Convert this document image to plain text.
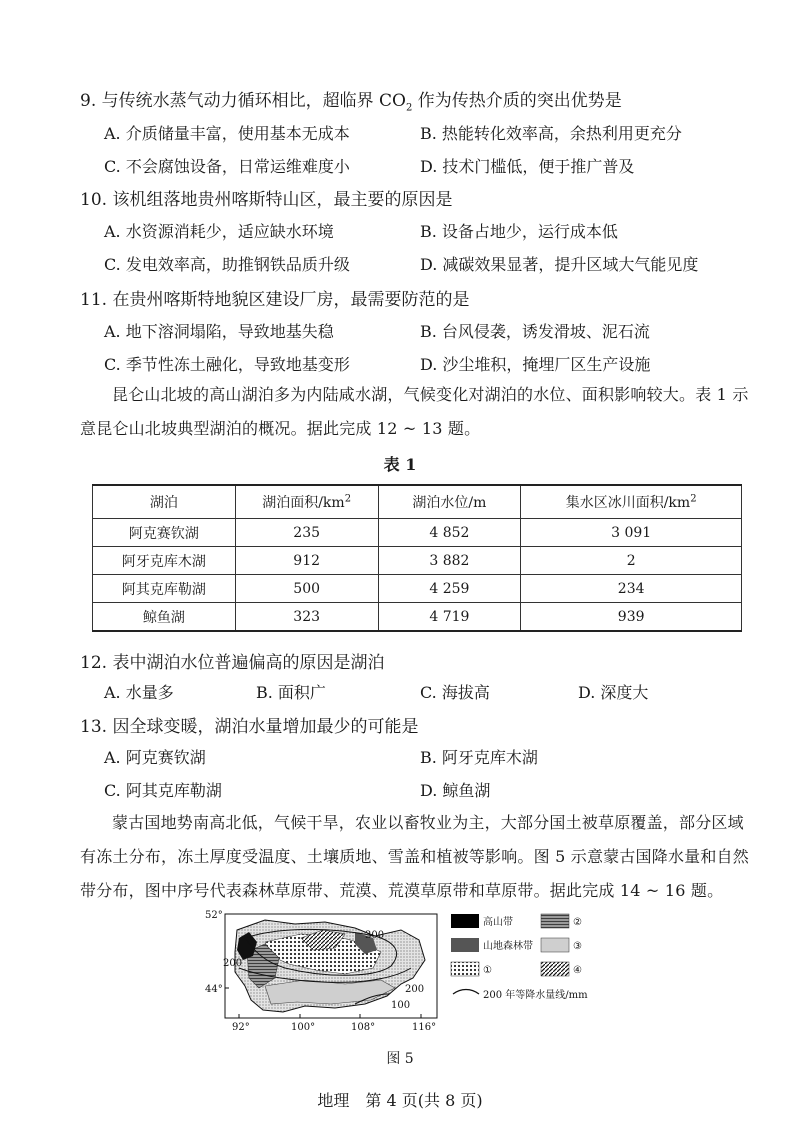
9. 与传统水蒸气动力循环相比，超临界 $CO_2$ 作为传热介质的突出优势是
A. 介质储量丰富，使用基本无成本	B. 热能转化效率高，余热利用更充分
C. 不会腐蚀设备，日常运维难度小	D. 技术门槛低，便于推广普及
10. 该机组落地贵州喀斯特山区，最主要的原因是
A. 水资源消耗少，适应缺水环境	B. 设备占地少，运行成本低
C. 发电效率高，助推钢铁品质升级	D. 减碳效果显著，提升区域大气能见度
11. 在贵州喀斯特地貌区建设厂房，最需要防范的是
A. 地下溶洞塌陷，导致地基失稳	B. 台风侵袭，诱发滑坡、泥石流
C. 季节性冻土融化，导致地基变形	D. 沙尘堆积，掩埋厂区生产设施
昆仑山北坡的高山湖泊多为内陆咸水湖，气候变化对湖泊的水位、面积影响较大。表 1 示意昆仑山北坡典型湖泊的概况。据此完成 12 ~ 13 题。
表 1
湖泊	湖泊面积$/km^2$	湖泊水位/m	集水区冰川面积$/km^2$
阿克赛钦湖	235	4 852	3 091
阿牙克库木湖	912	3 882	2
阿其克库勒湖	500	4 259	234
鲸鱼湖	323	4 719	939
12. 表中湖泊水位普遍偏高的原因是湖泊
A. 水量多	B. 面积广	C. 海拔高	D. 深度大
13. 因全球变暖，湖泊水量增加最少的可能是
A. 阿克赛钦湖	B. 阿牙克库木湖
C. 阿其克库勒湖	D. 鲸鱼湖
蒙古国地势南高北低，气候干旱，农业以畜牧业为主，大部分国土被草原覆盖，部分区域有冻土分布，冻土厚度受温度、土壤质地、雪盖和植被等影响。图 5 示意蒙古国降水量和自然带分布，图中序号代表森林草原带、荒漠、荒漠草原带和草原带。据此完成 14 ~ 16 题。
52°
44°
92°	100°	108°	116°
300
200
200
100
高山带	②
山地森林带	③
①	④
200 年等降水量线/mm
图 5
地理　第 4 页(共 8 页)
